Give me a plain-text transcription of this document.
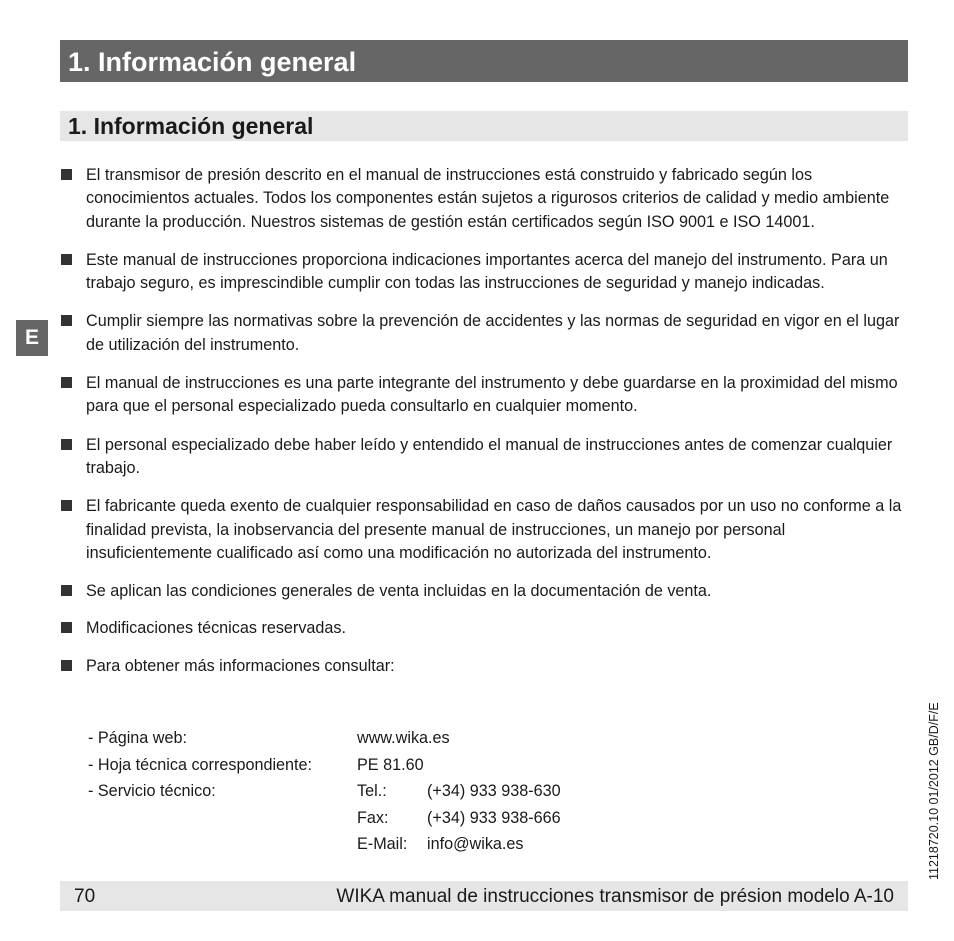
1. Información general
1. Información general
E
El transmisor de presión descrito en el manual de instrucciones está construido y fabricado según los conocimientos actuales. Todos los componentes están sujetos a rigurosos criterios de calidad y medio ambiente durante la producción. Nuestros sistemas de gestión están certificados según ISO 9001 e ISO 14001.
Este manual de instrucciones proporciona indicaciones importantes acerca del manejo del instrumento. Para un trabajo seguro, es imprescindible cumplir con todas las instrucciones de seguridad y manejo indicadas.
Cumplir siempre las normativas sobre la prevención de accidentes y las normas de seguridad en vigor en el lugar de utilización del instrumento.
El manual de instrucciones es una parte integrante del instrumento y debe guardarse en la proximidad del mismo para que el personal especializado pueda consultarlo en cualquier momento.
El personal especializado debe haber leído y entendido el manual de instrucciones antes de comenzar cualquier trabajo.
El fabricante queda exento de cualquier responsabilidad en caso de daños causados por un uso no conforme a la finalidad prevista, la inobservancia del presente manual de instrucciones, un manejo por personal insuficientemente cualificado así como una modificación no autorizada del instrumento.
Se aplican las condiciones generales de venta incluidas en la documentación de venta.
Modificaciones técnicas reservadas.
Para obtener más informaciones consultar:
- Página web:	www.wika.es
- Hoja técnica correspondiente:	PE 81.60
- Servicio técnico:	Tel.: (+34) 933 938-630
Fax: (+34) 933 938-666
E-Mail: info@wika.es
70	WIKA manual de instrucciones transmisor de présion modelo A-10
11218720.10 01/2012 GB/D/F/E
